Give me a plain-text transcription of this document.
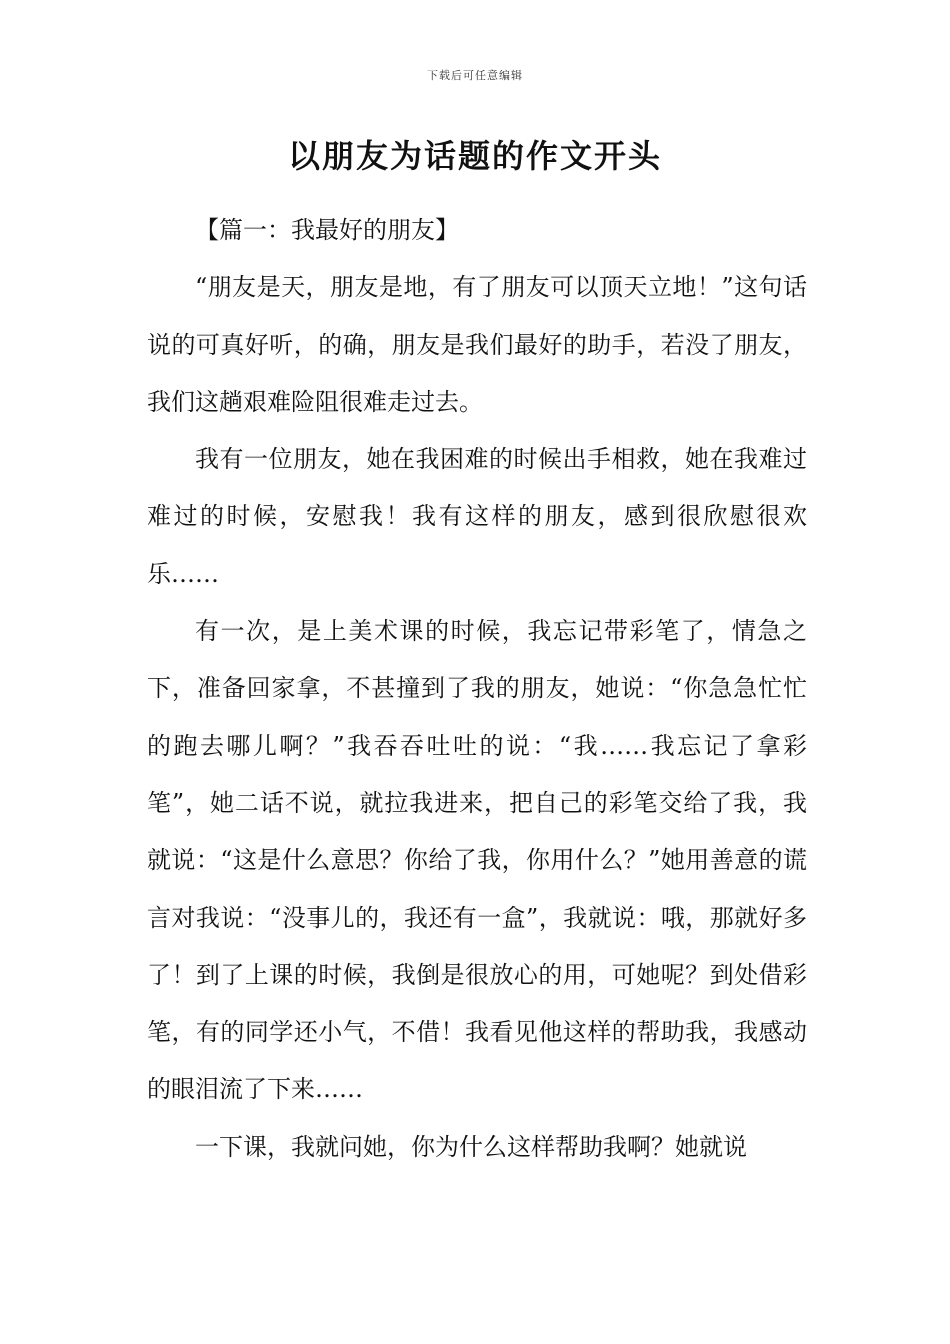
下载后可任意编辑
以朋友为话题的作文开头

【篇一：我最好的朋友】

“朋友是天，朋友是地，有了朋友可以顶天立地！”这句话说的可真好听，的确，朋友是我们最好的助手，若没了朋友，我们这趟艰难险阻很难走过去。

我有一位朋友，她在我困难的时候出手相救，她在我难过难过的时候，安慰我！我有这样的朋友，感到很欣慰很欢乐……

有一次，是上美术课的时候，我忘记带彩笔了，情急之下，准备回家拿，不甚撞到了我的朋友，她说：“你急急忙忙的跑去哪儿啊？”我吞吞吐吐的说：“我……我忘记了拿彩笔”，她二话不说，就拉我进来，把自己的彩笔交给了我，我就说：“这是什么意思？你给了我，你用什么？”她用善意的谎言对我说：“没事儿的，我还有一盒”，我就说：哦，那就好多了！到了上课的时候，我倒是很放心的用，可她呢？到处借彩笔，有的同学还小气，不借！我看见他这样的帮助我，我感动的眼泪流了下来……

一下课，我就问她，你为什么这样帮助我啊？她就说
